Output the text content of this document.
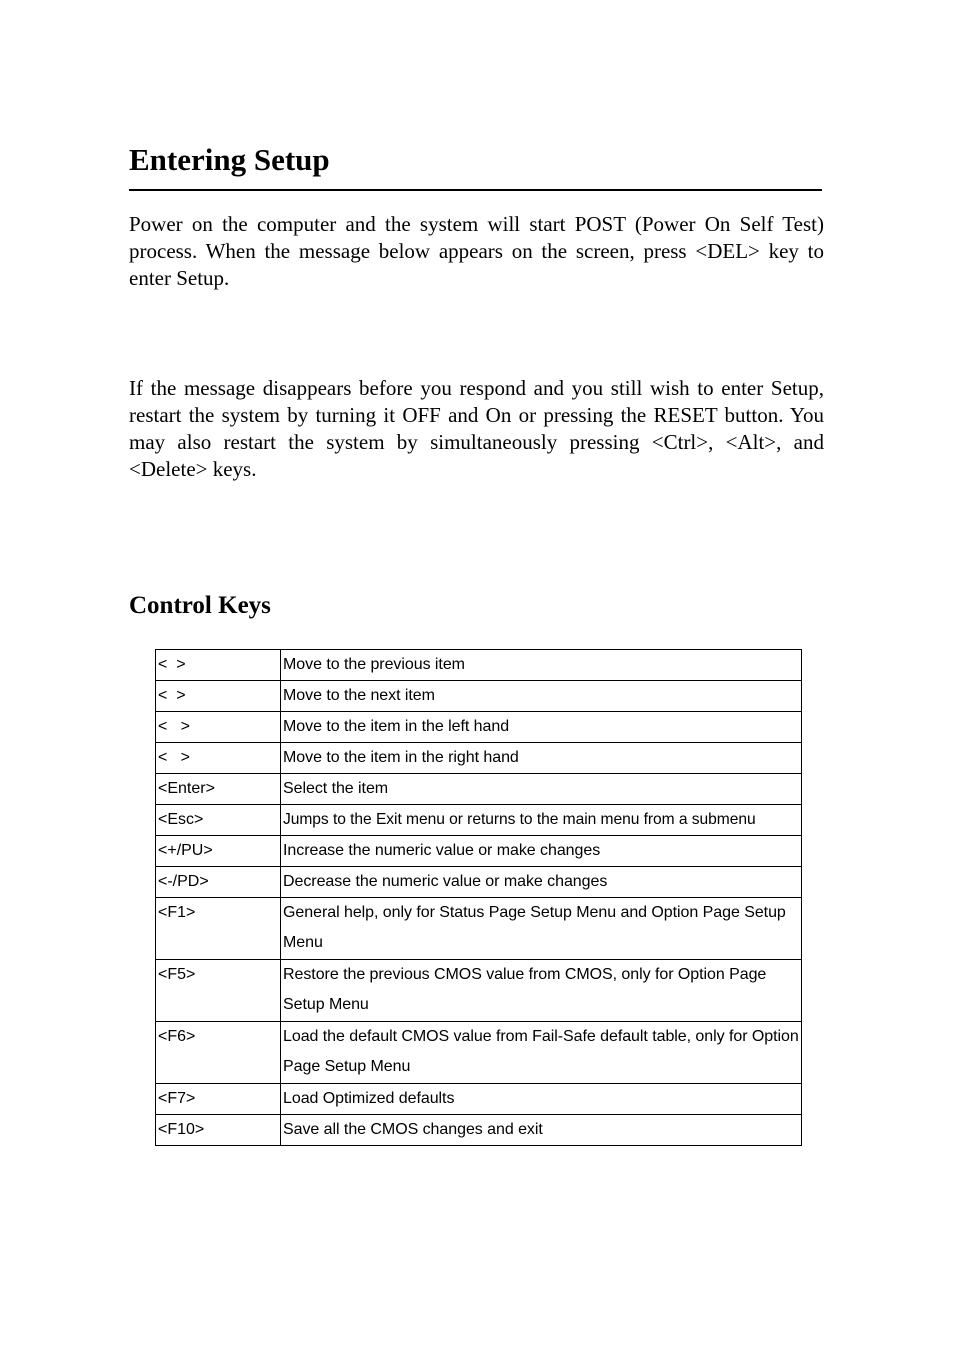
Entering Setup

Power on the computer and the system will start POST (Power On Self Test) process. When the message below appears on the screen, press <DEL> key to enter Setup.

If the message disappears before you respond and you still wish to enter Setup, restart the system by turning it OFF and On or pressing the RESET button. You may also restart the system by simultaneously pressing <Ctrl>, <Alt>, and <Delete> keys.

Control Keys
<  >	Move to the previous item
<  >	Move to the next item
<   >	Move to the item in the left hand
<   >	Move to the item in the right hand
<Enter>	Select the item
<Esc>	Jumps to the Exit menu or returns to the main menu from a submenu
<+/PU>	Increase the numeric value or make changes
<-/PD>	Decrease the numeric value or make changes
<F1>	General help, only for Status Page Setup Menu and Option Page Setup Menu
<F5>	Restore the previous CMOS value from CMOS, only for Option Page Setup Menu
<F6>	Load the default CMOS value from Fail-Safe default table, only for Option Page Setup Menu
<F7>	Load Optimized defaults
<F10>	Save all the CMOS changes and exit
